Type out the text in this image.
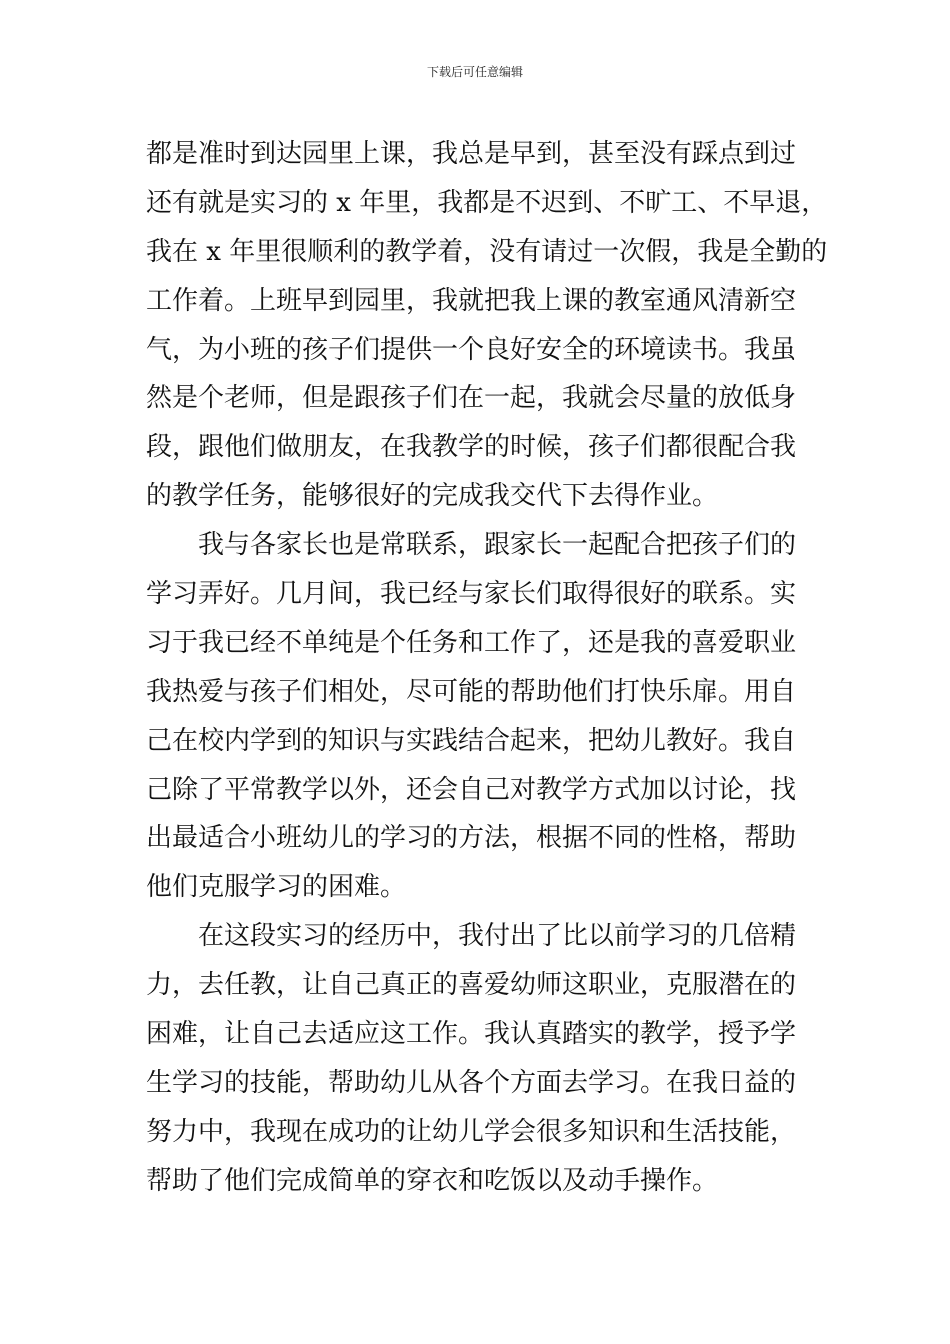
下载后可任意编辑
都是准时到达园里上课，我总是早到，甚至没有踩点到过
还有就是实习的 x 年里，我都是不迟到、不旷工、不早退，
我在 x 年里很顺利的教学着，没有请过一次假，我是全勤的
工作着。上班早到园里，我就把我上课的教室通风清新空
气，为小班的孩子们提供一个良好安全的环境读书。我虽
然是个老师，但是跟孩子们在一起，我就会尽量的放低身
段，跟他们做朋友，在我教学的时候，孩子们都很配合我
的教学任务，能够很好的完成我交代下去得作业。
我与各家长也是常联系，跟家长一起配合把孩子们的
学习弄好。几月间，我已经与家长们取得很好的联系。实
习于我已经不单纯是个任务和工作了，还是我的喜爱职业
我热爱与孩子们相处，尽可能的帮助他们打快乐扉。用自
己在校内学到的知识与实践结合起来，把幼儿教好。我自
己除了平常教学以外，还会自己对教学方式加以讨论，找
出最适合小班幼儿的学习的方法，根据不同的性格，帮助
他们克服学习的困难。
在这段实习的经历中，我付出了比以前学习的几倍精
力，去任教，让自己真正的喜爱幼师这职业，克服潜在的
困难，让自己去适应这工作。我认真踏实的教学，授予学
生学习的技能，帮助幼儿从各个方面去学习。在我日益的
努力中，我现在成功的让幼儿学会很多知识和生活技能，
帮助了他们完成简单的穿衣和吃饭以及动手操作。
